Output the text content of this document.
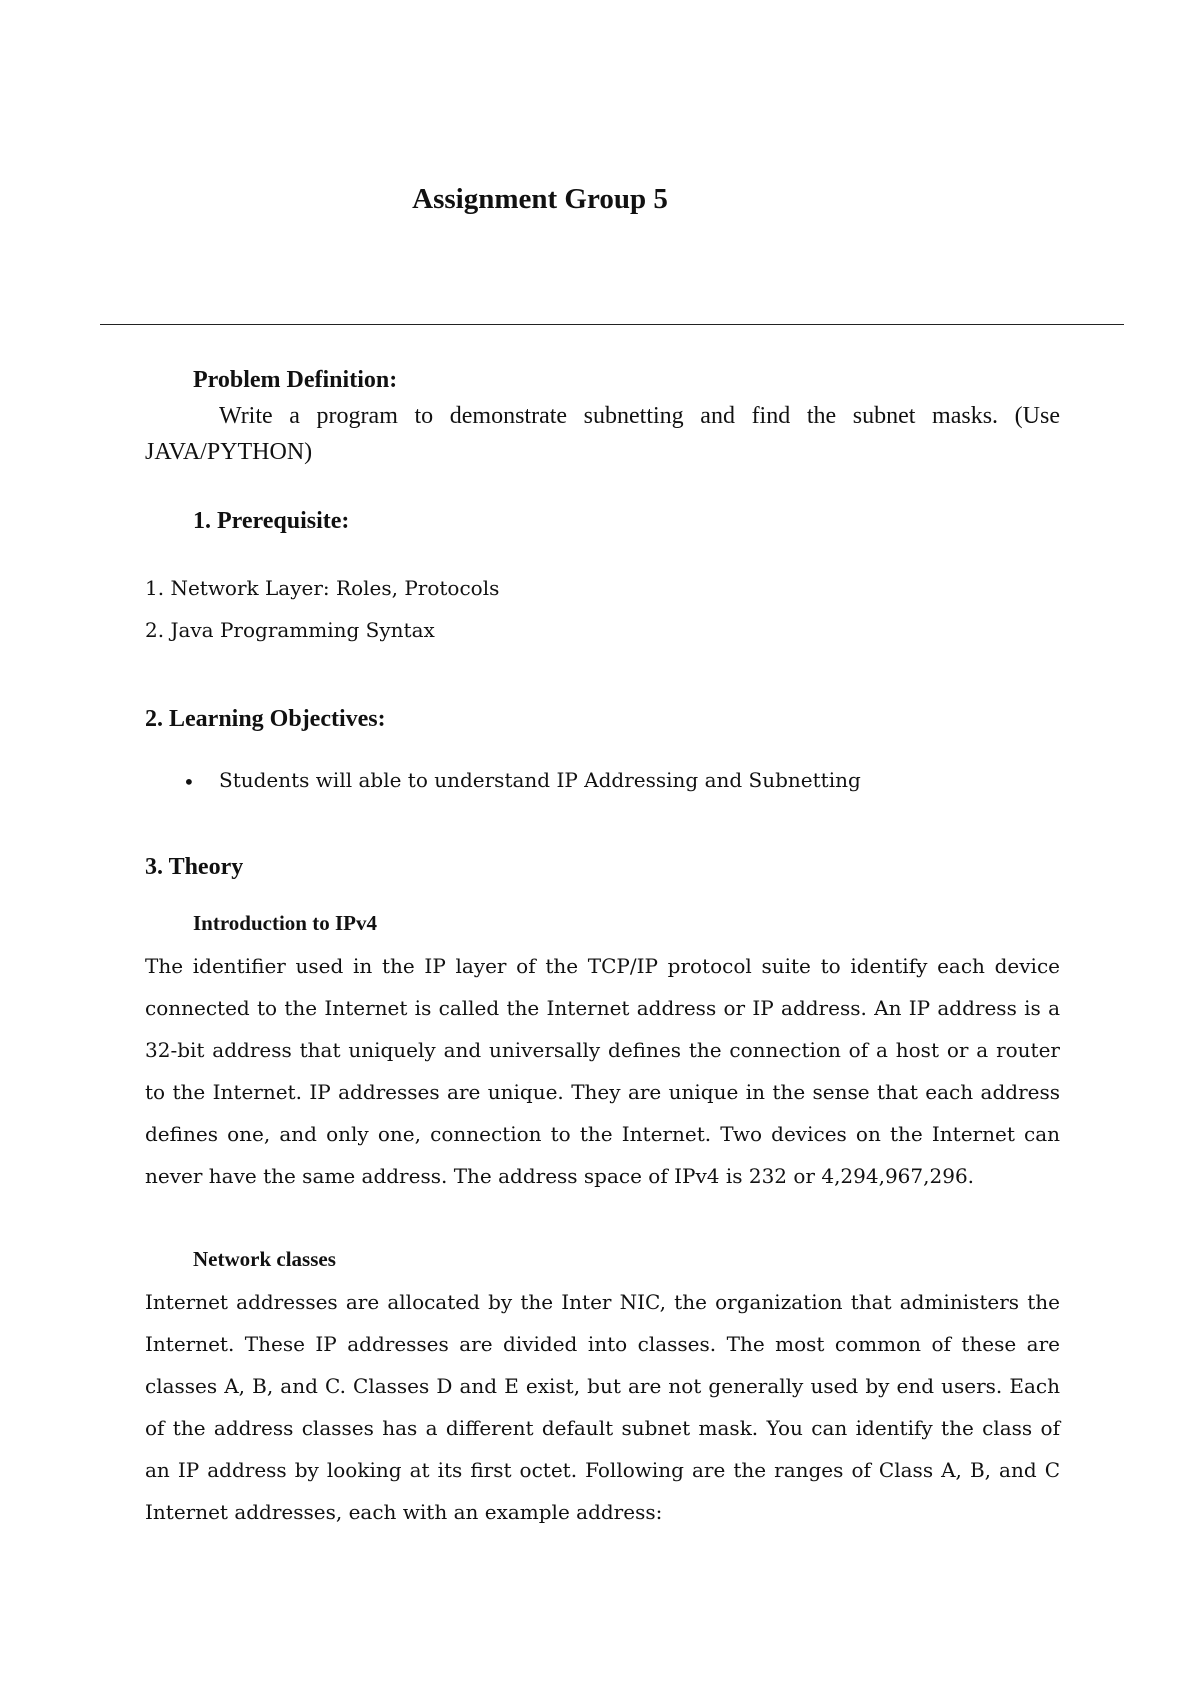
Assignment Group 5
Problem Definition:

Write a program to demonstrate subnetting and find the subnet masks. (Use JAVA/PYTHON)

1. Prerequisite:

1. Network Layer: Roles, Protocols

2. Java Programming Syntax

2. Learning Objectives:
• Students will able to understand IP Addressing and Subnetting

3. Theory
Introduction to IPv4

The identifier used in the IP layer of the TCP/IP protocol suite to identify each device connected to the Internet is called the Internet address or IP address. An IP address is a 32-bit address that uniquely and universally defines the connection of a host or a router to the Internet. IP addresses are unique. They are unique in the sense that each address defines one, and only one, connection to the Internet. Two devices on the Internet can never have the same address. The address space of IPv4 is 232 or 4,294,967,296.

Network classes

Internet addresses are allocated by the Inter NIC, the organization that administers the Internet. These IP addresses are divided into classes. The most common of these are classes A, B, and C. Classes D and E exist, but are not generally used by end users. Each of the address classes has a different default subnet mask. You can identify the class of an IP address by looking at its first octet. Following are the ranges of Class A, B, and C Internet addresses, each with an example address:
